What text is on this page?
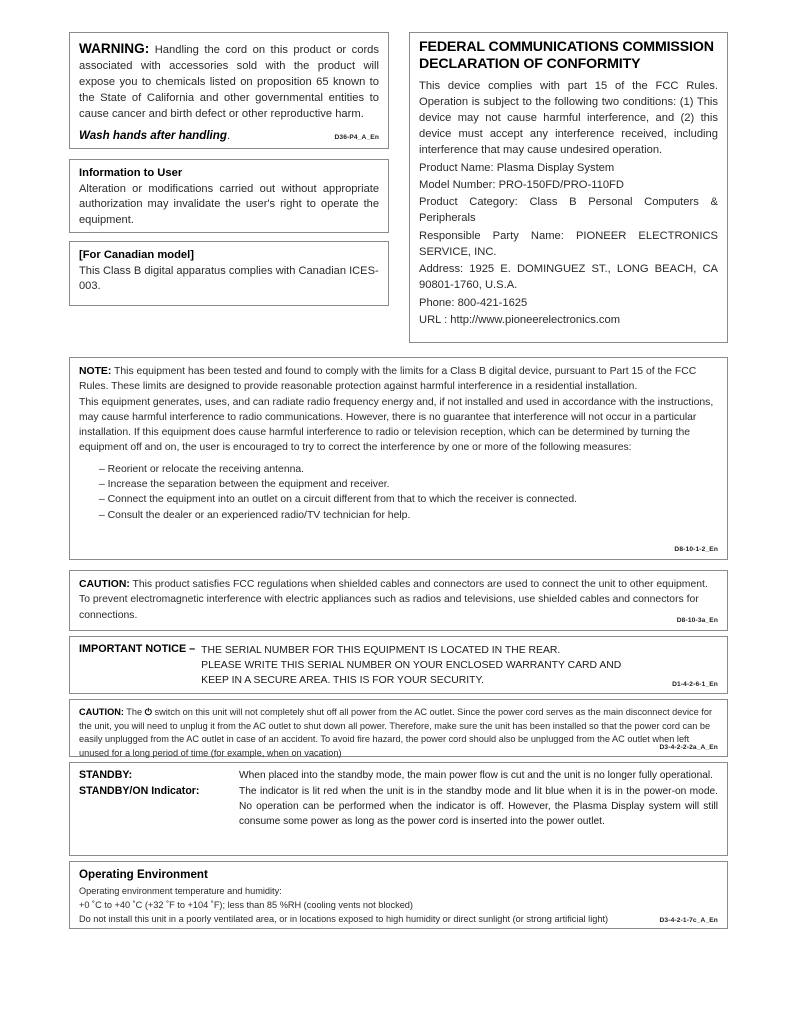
WARNING: Handling the cord on this product or cords associated with accessories sold with the product will expose you to chemicals listed on proposition 65 known to the State of California and other governmental entities to cause cancer and birth defect or other reproductive harm.

Wash hands after handling.	D36-P4_A_En
Information to User

Alteration or modifications carried out without appropriate authorization may invalidate the user's right to operate the equipment.

[For Canadian model]

This Class B digital apparatus complies with Canadian ICES-003.

FEDERAL COMMUNICATIONS COMMISSION DECLARATION OF CONFORMITY

This device complies with part 15 of the FCC Rules. Operation is subject to the following two conditions: (1) This device may not cause harmful interference, and (2) this device must accept any interference received, including interference that may cause undesired operation.

Product Name: Plasma Display System

Model Number: PRO-150FD/PRO-110FD

Product Category: Class B Personal Computers & Peripherals

Responsible Party Name: PIONEER ELECTRONICS SERVICE, INC.

Address: 1925 E. DOMINGUEZ ST., LONG BEACH, CA 90801-1760, U.S.A.

Phone: 800-421-1625

URL : http://www.pioneerelectronics.com

NOTE: This equipment has been tested and found to comply with the limits for a Class B digital device, pursuant to Part 15 of the FCC Rules. These limits are designed to provide reasonable protection against harmful interference in a residential installation.

This equipment generates, uses, and can radiate radio frequency energy and, if not installed and used in accordance with the instructions, may cause harmful interference to radio communications. However, there is no guarantee that interference will not occur in a particular installation. If this equipment does cause harmful interference to radio or television reception, which can be determined by turning the equipment off and on, the user is encouraged to try to correct the interference by one or more of the following measures:

– Reorient or relocate the receiving antenna.

– Increase the separation between the equipment and receiver.

– Connect the equipment into an outlet on a circuit different from that to which the receiver is connected.

– Consult the dealer or an experienced radio/TV technician for help.

D8-10-1-2_En

CAUTION: This product satisfies FCC regulations when shielded cables and connectors are used to connect the unit to other equipment. To prevent electromagnetic interference with electric appliances such as radios and televisions, use shielded cables and connectors for connections.	D8-10-3a_En
IMPORTANT NOTICE – THE SERIAL NUMBER FOR THIS EQUIPMENT IS LOCATED IN THE REAR.
PLEASE WRITE THIS SERIAL NUMBER ON YOUR ENCLOSED WARRANTY CARD AND
KEEP IN A SECURE AREA. THIS IS FOR YOUR SECURITY.	D1-4-2-6-1_En

CAUTION: The ⏻ switch on this unit will not completely shut off all power from the AC outlet. Since the power cord serves as the main disconnect device for the unit, you will need to unplug it from the AC outlet to shut down all power. Therefore, make sure the unit has been installed so that the power cord can be easily unplugged from the AC outlet in case of an accident. To avoid fire hazard, the power cord should also be unplugged from the AC outlet when left unused for a long period of time (for example, when on vacation)

D3-4-2-2-2a_A_En
STANDBY:	When placed into the standby mode, the main power flow is cut and the unit is no longer fully operational.
STANDBY/ON Indicator:	The indicator is lit red when the unit is in the standby mode and lit blue when it is in the power-on mode. No operation can be performed when the indicator is off. However, the Plasma Display system will still consume some power as long as the power cord is inserted into the power outlet.
Operating Environment

Operating environment temperature and humidity:

+0 ˚C to +40 ˚C (+32 ˚F to +104 ˚F); less than 85 %RH (cooling vents not blocked)

Do not install this unit in a poorly ventilated area, or in locations exposed to high humidity or direct sunlight (or strong artificial light)	D3-4-2-1-7c_A_En
